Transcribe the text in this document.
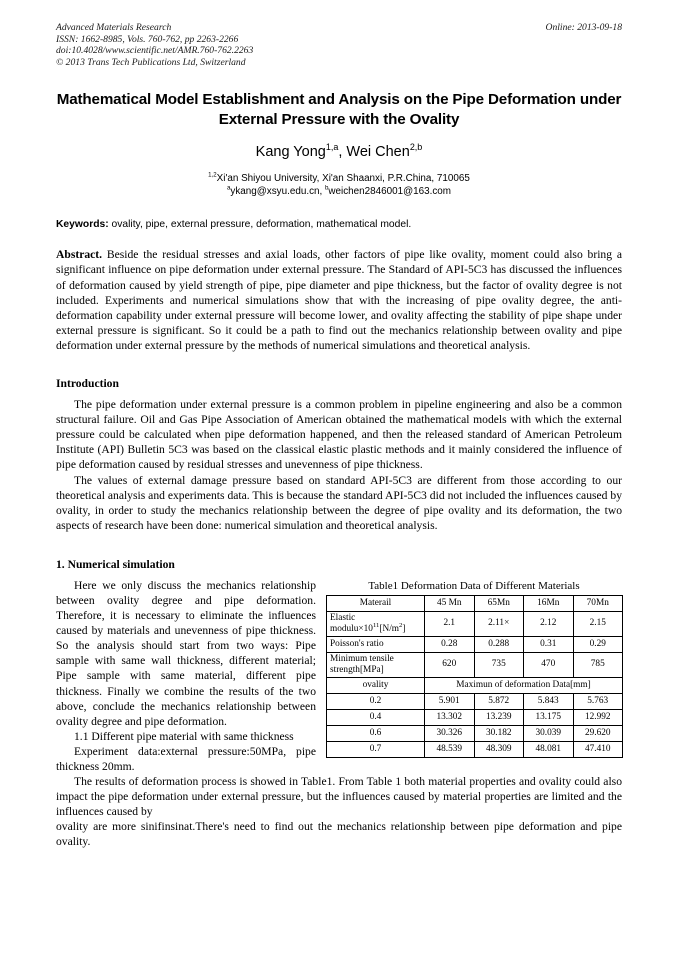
Online: 2013-09-18
Advanced Materials Research
ISSN: 1662-8985, Vols. 760-762, pp 2263-2266
doi:10.4028/www.scientific.net/AMR.760-762.2263
© 2013 Trans Tech Publications Ltd, Switzerland
Mathematical Model Establishment and Analysis on the Pipe Deformation under External Pressure with the Ovality
Kang Yong$^{1,a}$, Wei Chen$^{2,b}$
$^{1,2}$Xi'an Shiyou University, Xi'an Shaanxi, P.R.China, 710065
$^a$ykang@xsyu.edu.cn, $^b$weichen2846001@163.com
Keywords: ovality, pipe, external pressure, deformation, mathematical model.
Abstract. Beside the residual stresses and axial loads, other factors of pipe like ovality, moment could also bring a significant influence on pipe deformation under external pressure. The Standard of API-5C3 has discussed the influences of deformation caused by yield strength of pipe, pipe diameter and pipe thickness, but the factor of ovality degree is not included. Experiments and numerical simulations show that with the increasing of pipe ovality degree, the anti-deformation capability under external pressure will become lower, and ovality affecting the stability of pipe shape under external pressure is significant. So it could be a path to find out the mechanics relationship between ovality and pipe deformation under external pressure by the methods of numerical simulations and theoretical analysis.
Introduction

The pipe deformation under external pressure is a common problem in pipeline engineering and also be a common structural failure. Oil and Gas Pipe Association of American obtained the mathematical models with which the external pressure could be calculated when pipe deformation happened, and then the released standard of American Petroleum Institute (API) Bulletin 5C3 was based on the classical elastic plastic methods and it mainly considered the influence of pipe deformation caused by residual stresses and unevenness of pipe thickness.

The values of external damage pressure based on standard API-5C3 are different from those according to our theoretical analysis and experiments data. This is because the standard API-5C3 did not included the influences caused by ovality, in order to study the mechanics relationship between the degree of pipe ovality and its deformation, the two aspects of research have been done: numerical simulation and theoretical analysis.

1. Numerical simulation
Table1 Deformation Data of Different Materials
Materail	45 Mn	65Mn	16Mn	70Mn
Elastic
$modulu\times 10^{11}[N/m^2]$	2.1	2.11×	2.12	2.15
Poisson's ratio	0.28	0.288	0.31	0.29
Minimum tensile
strength[MPa]	620	735	470	785
ovality	Maximun of deformation Data[mm]			
0.2	5.901	5.872	5.843	5.763
0.4	13.302	13.239	13.175	12.992
0.6	30.326	30.182	30.039	29.620
0.7	48.539	48.309	48.081	47.410

Here we only discuss the mechanics relationship between ovality degree and pipe deformation. Therefore, it is necessary to eliminate the influences caused by materials and unevenness of pipe thickness. So the analysis should start from two ways: Pipe sample with same wall thickness, different material; Pipe sample with same material, different pipe thickness. Finally we combine the results of the two above, conclude the mechanics relationship between ovality degree and pipe deformation.

1.1 Different pipe material with same thickness

Experiment data:external pressure:50MPa, pipe thickness 20mm.

The results of deformation process is showed in Table1. From Table 1 both material properties and ovality could also impact the pipe deformation under external pressure, but the influences caused by material properties are limited and the influences caused by

ovality are more sinifinsinat.There's need to find out the mechanics relationship between pipe deformation and pipe ovality.
